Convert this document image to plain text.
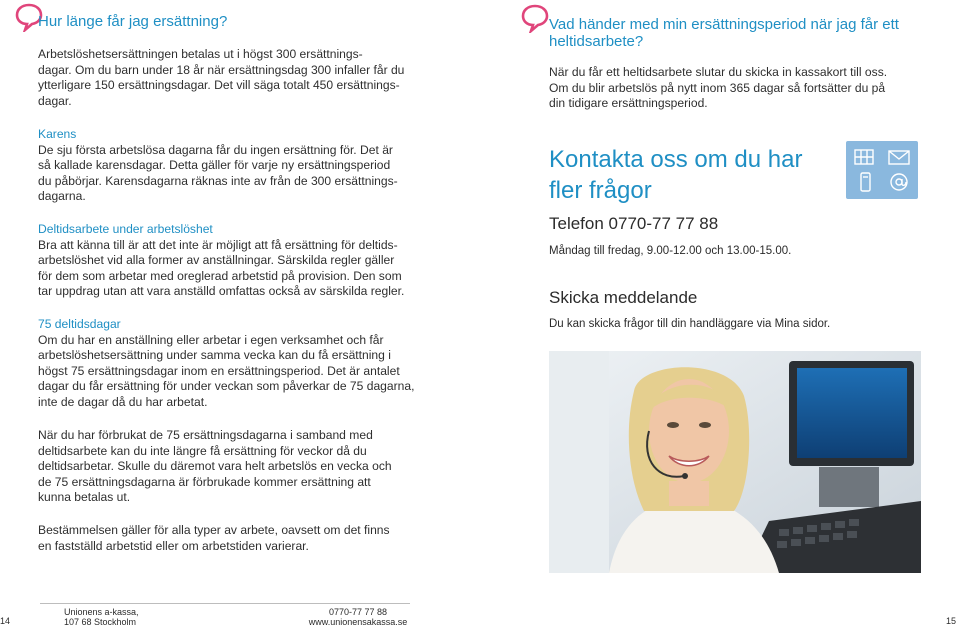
Hur länge får jag ersättning?

Arbetslöshetsersättningen betalas ut i högst 300 ersättnings-

dagar. Om du barn under 18 år när ersättningsdag 300 infaller får du

ytterligare 150 ersättningsdagar. Det vill säga totalt 450 ersättnings-

dagar.

Karens

De sju första arbetslösa dagarna får du ingen ersättning för. Det är

så kallade karensdagar. Detta gäller för varje ny ersättningsperiod

du påbörjar. Karensdagarna räknas inte av från de 300 ersättnings-

dagarna.

Deltidsarbete under arbetslöshet

Bra att känna till är att det inte är möjligt att få ersättning för deltids-

arbetslöshet vid alla former av anställningar. Särskilda regler gäller

för dem som arbetar med oreglerad arbetstid på provision. Den som

tar uppdrag utan att vara anställd omfattas också av särskilda regler.

75 deltidsdagar

Om du har en anställning eller arbetar i egen verksamhet och får

arbetslöshetsersättning under samma vecka kan du få ersättning i

högst 75 ersättningsdagar inom en ersättningsperiod. Det är antalet

dagar du får ersättning för under veckan som påverkar de 75 dagarna,

inte de dagar då du har arbetat.

När du har förbrukat de 75 ersättningsdagarna i samband med

deltidsarbete kan du inte längre få ersättning för veckor då du

deltidsarbetar. Skulle du däremot vara helt arbetslös en vecka och

de 75 ersättningsdagarna är förbrukade kommer ersättning att

kunna betalas ut.

Bestämmelsen gäller för alla typer av arbete, oavsett om det finns

en fastställd arbetstid eller om arbetstiden varierar.

Vad händer med min ersättningsperiod när jag får ett
heltidsarbete?

När du får ett heltidsarbete slutar du skicka in kassakort till oss.

Om du blir arbetslös på nytt inom 365 dagar så fortsätter du på

din tidigare ersättningsperiod.

Kontakta oss om du har
fler frågor

Telefon 0770-77 77 88

Måndag till fredag, 9.00-12.00 och 13.00-15.00.

Skicka meddelande

Du kan skicka frågor till din handläggare via Mina sidor.

14

Unionens a-kassa,

107 68 Stockholm

0770-77 77 88

www.unionensakassa.se	15
